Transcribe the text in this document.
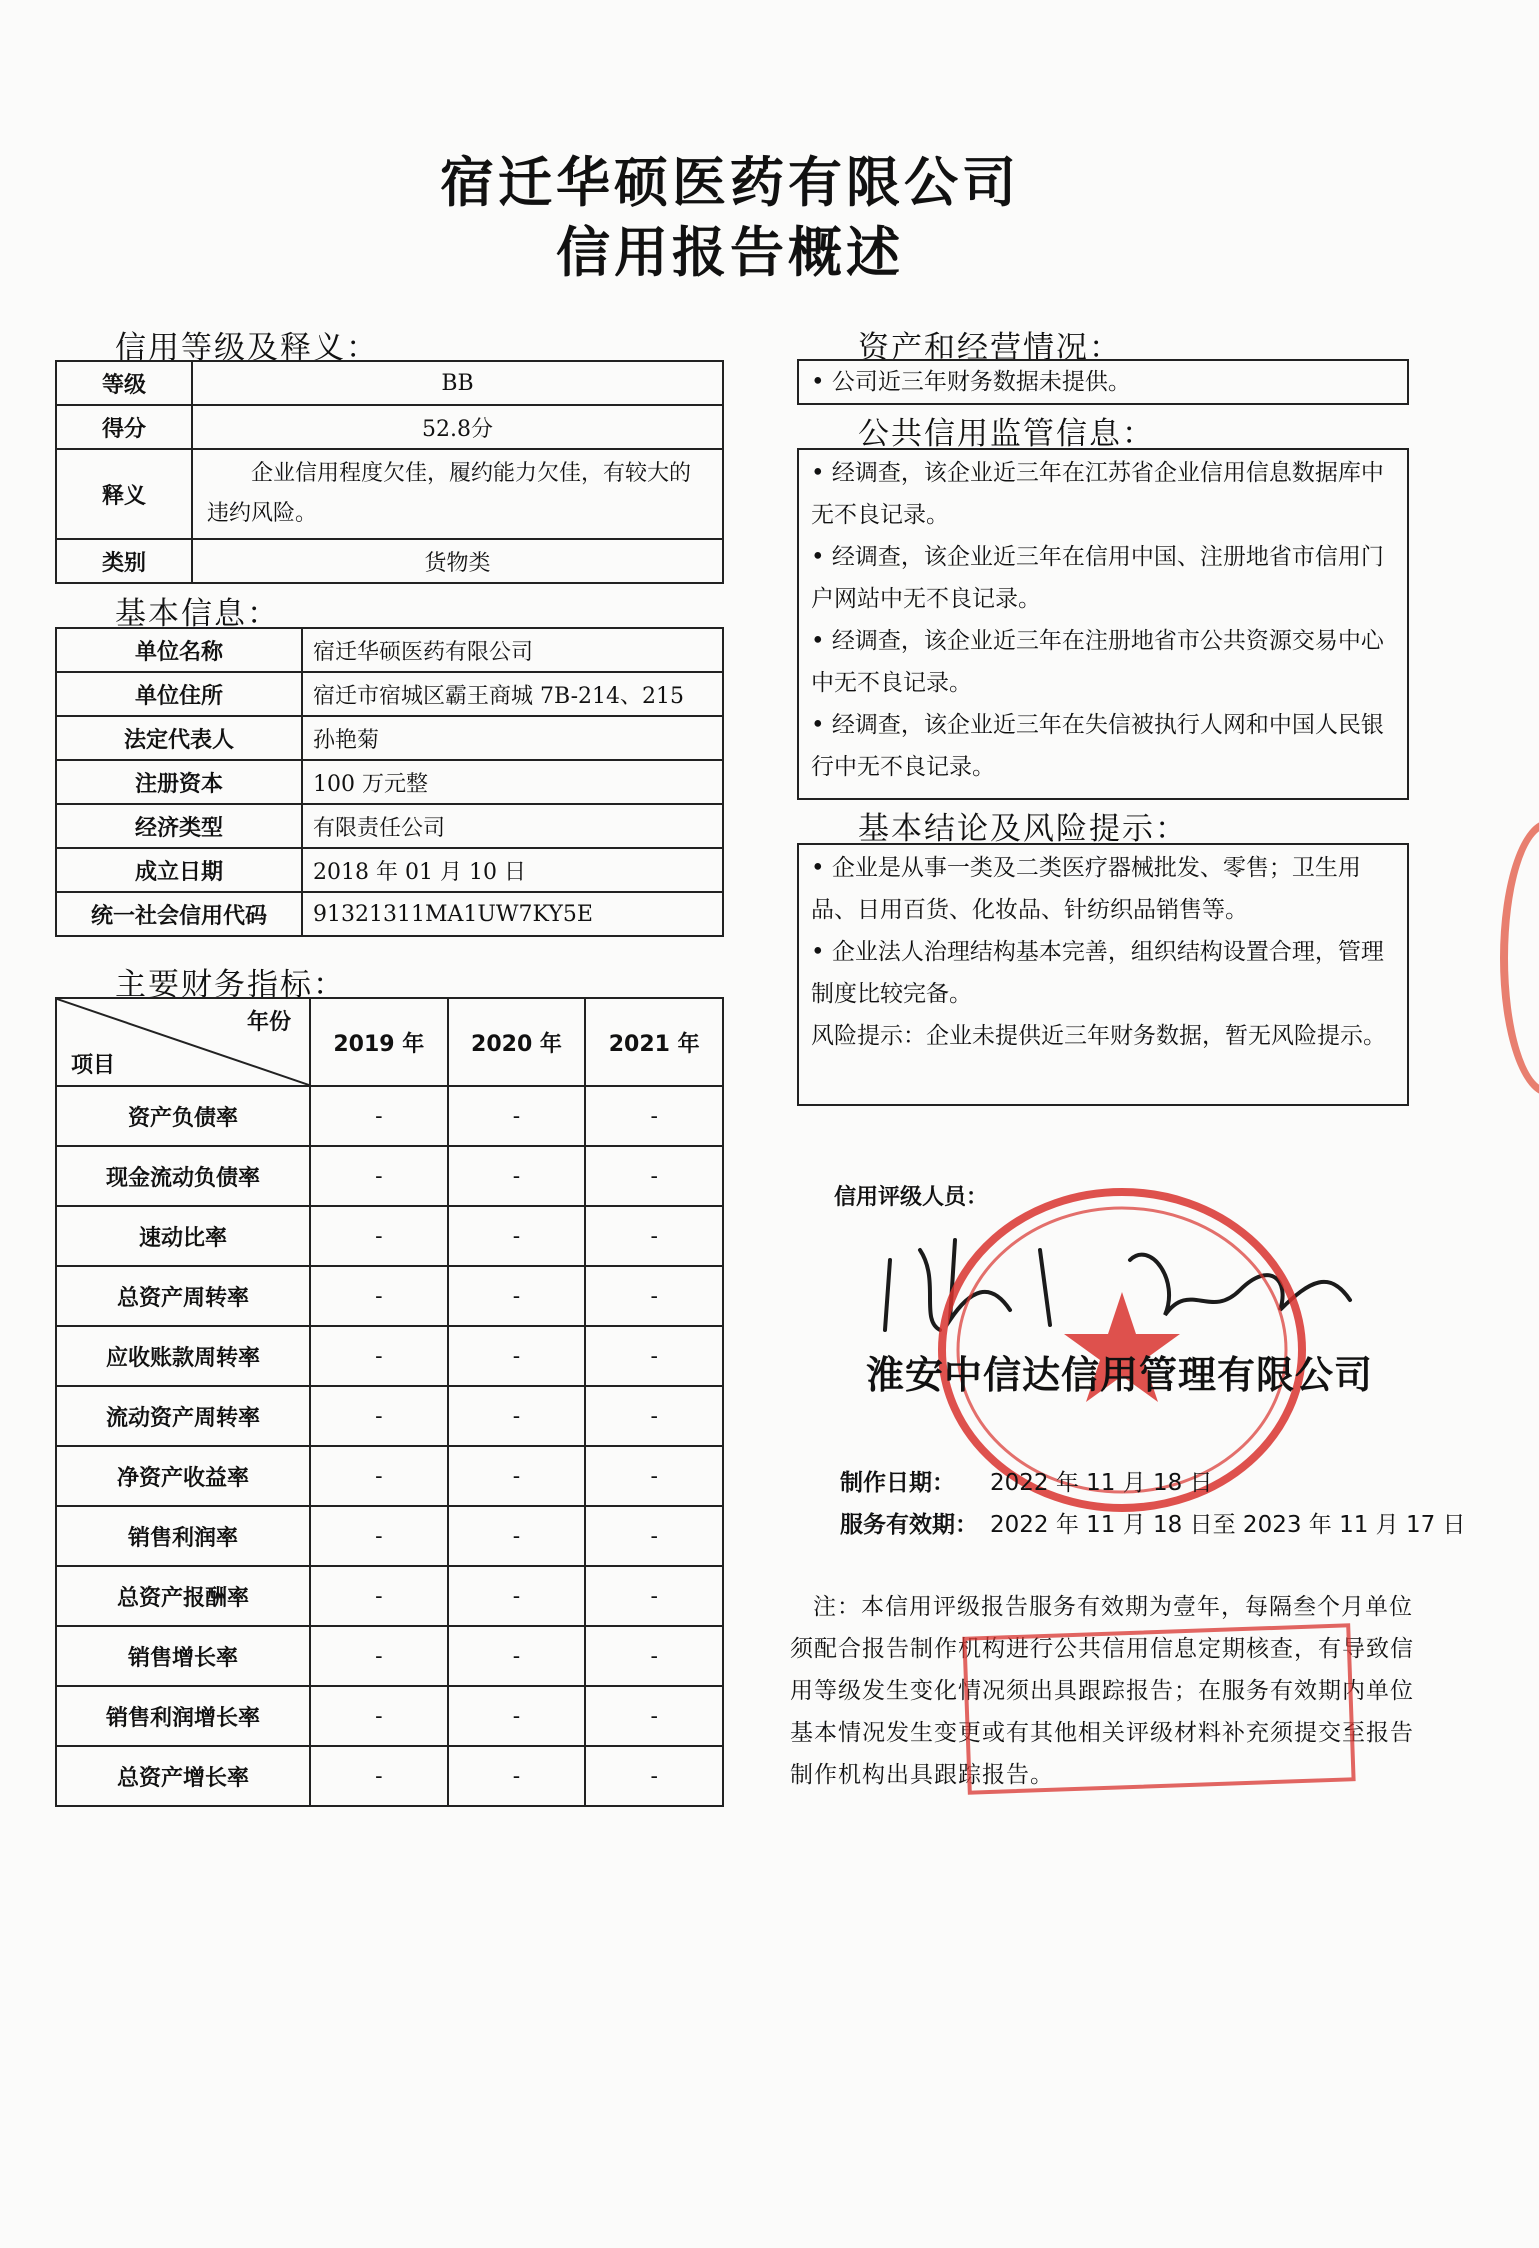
宿迁华硕医药有限公司
信用报告概述
信用等级及释义：
等级	BB
得分	52.8分
释义	企业信用程度欠佳，履约能力欠佳，有较大的违约风险。
类别	货物类
基本信息：
单位名称	宿迁华硕医药有限公司
单位住所	宿迁市宿城区霸王商城 7B-214、215
法定代表人	孙艳菊
注册资本	100 万元整
经济类型	有限责任公司
成立日期	2018 年 01 月 10 日
统一社会信用代码	91321311MA1UW7KY5E
主要财务指标：
年份
项目	2019 年	2020 年	2021 年
资产负债率	-	-	-
现金流动负债率	-	-	-
速动比率	-	-	-
总资产周转率	-	-	-
应收账款周转率	-	-	-
流动资产周转率	-	-	-
净资产收益率	-	-	-
销售利润率	-	-	-
总资产报酬率	-	-	-
销售增长率	-	-	-
销售利润增长率	-	-	-
总资产增长率	-	-	-
资产和经营情况：

• 公司近三年财务数据未提供。

公共信用监管信息：

• 经调查，该企业近三年在江苏省企业信用信息数据库中无不良记录。

• 经调查，该企业近三年在信用中国、注册地省市信用门户网站中无不良记录。

• 经调查，该企业近三年在注册地省市公共资源交易中心中无不良记录。

• 经调查，该企业近三年在失信被执行人网和中国人民银行中无不良记录。

基本结论及风险提示：

• 企业是从事一类及二类医疗器械批发、零售；卫生用品、日用百货、化妆品、针纺织品销售等。

• 企业法人治理结构基本完善，组织结构设置合理，管理制度比较完备。

风险提示：企业未提供近三年财务数据，暂无风险提示。

信用评级人员：
淮安中信达信用管理有限公司
制作日期： 2022 年 11 月 18 日
服务有效期： 2022 年 11 月 18 日至 2023 年 11 月 17 日
注：本信用评级报告服务有效期为壹年，每隔叁个月单位须配合报告制作机构进行公共信用信息定期核查，有导致信用等级发生变化情况须出具跟踪报告；在服务有效期内单位基本情况发生变更或有其他相关评级材料补充须提交至报告制作机构出具跟踪报告。
